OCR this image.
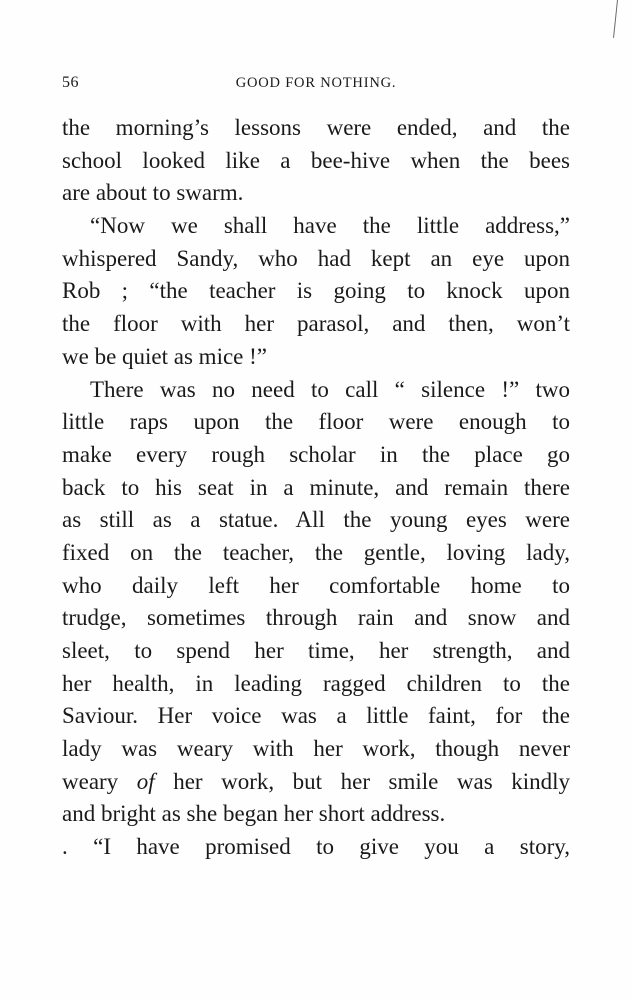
56	GOOD FOR NOTHING.
the morning’s lessons were ended, and the
school looked like a bee-hive when the bees
are about to swarm.
“Now we shall have the little address,”
whispered Sandy, who had kept an eye upon
Rob ; “the teacher is going to knock upon
the floor with her parasol, and then, won’t
we be quiet as mice !”
There was no need to call “ silence !” two
little raps upon the floor were enough to
make every rough scholar in the place go
back to his seat in a minute, and remain there
as still as a statue. All the young eyes were
fixed on the teacher, the gentle, loving lady,
who daily left her comfortable home to
trudge, sometimes through rain and snow and
sleet, to spend her time, her strength, and
her health, in leading ragged children to the
Saviour. Her voice was a little faint, for the
lady was weary with her work, though never
weary of her work, but her smile was kindly
and bright as she began her short address.
. “I have promised to give you a story,
